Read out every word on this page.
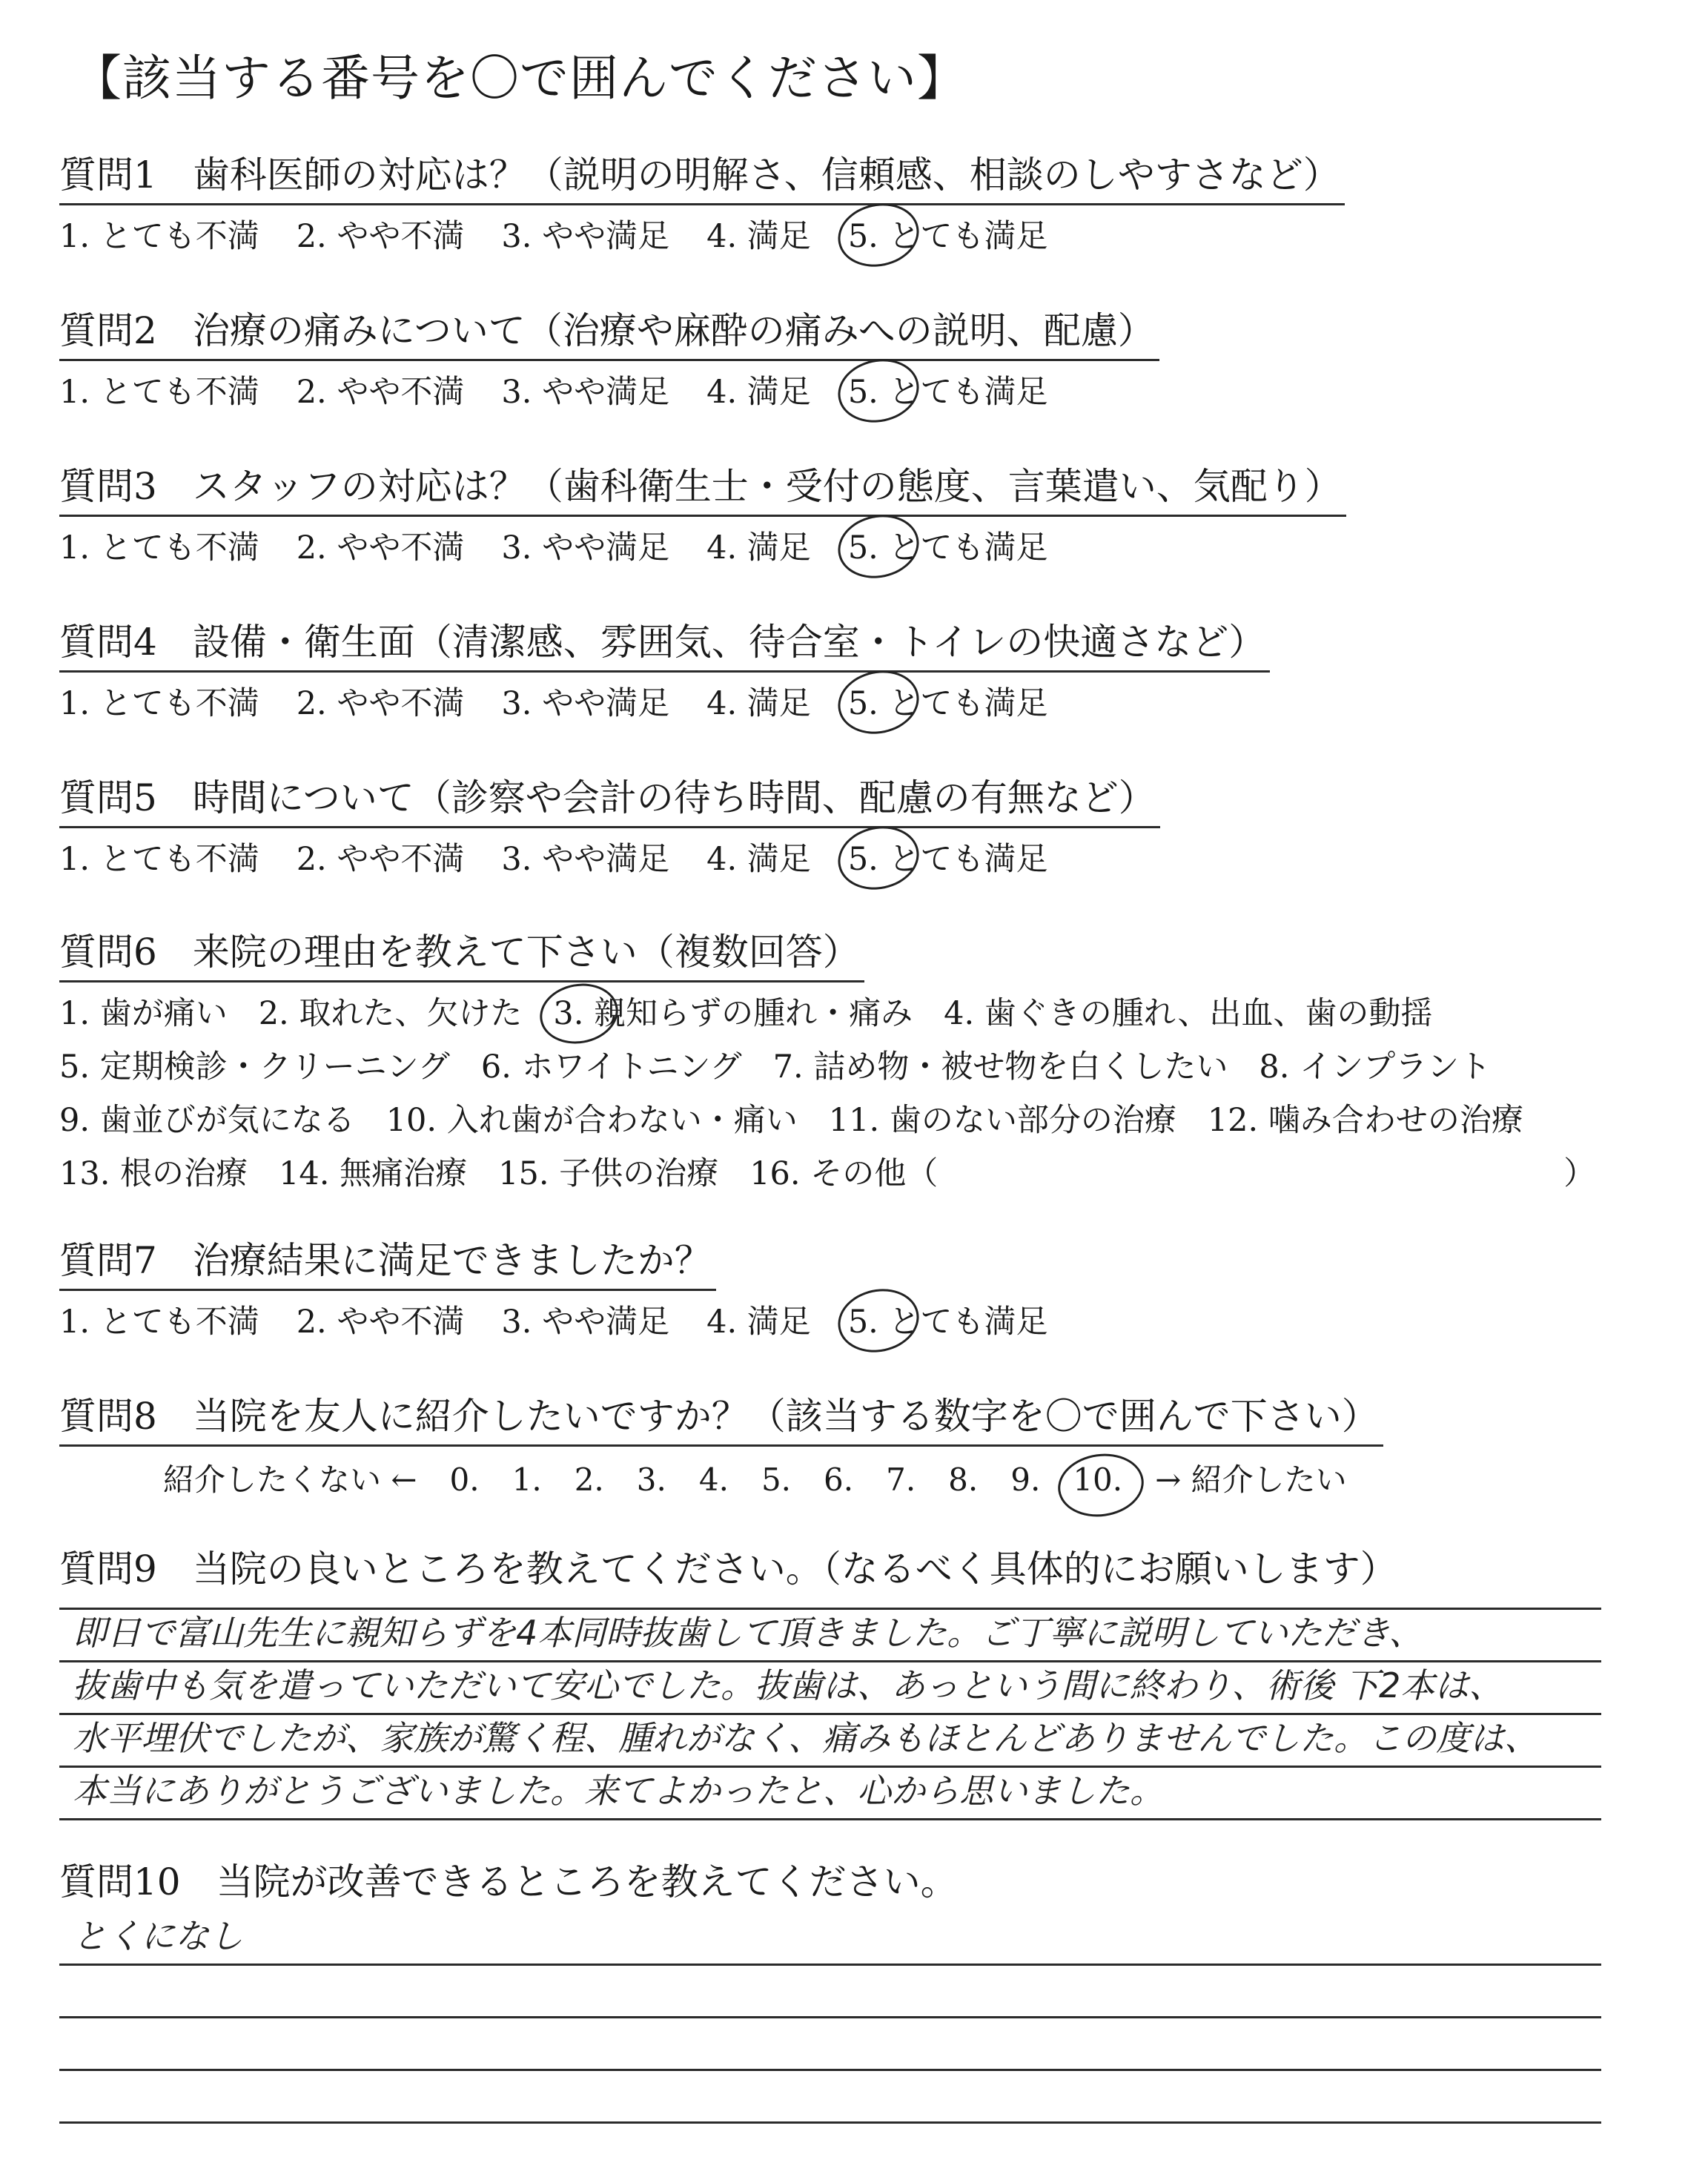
【該当する番号を〇で囲んでください】
質問1 歯科医師の対応は？（説明の明解さ、信頼感、相談のしやすさなど）
1. とても不満 2. やや不満 3. やや満足 4. 満足 5. とても満足
質問2 治療の痛みについて（治療や麻酔の痛みへの説明、配慮）
1. とても不満 2. やや不満 3. やや満足 4. 満足 5. とても満足
質問3 スタッフの対応は？（歯科衛生士・受付の態度、言葉遣い、気配り）
1. とても不満 2. やや不満 3. やや満足 4. 満足 5. とても満足
質問4 設備・衛生面（清潔感、雰囲気、待合室・トイレの快適さなど）
1. とても不満 2. やや不満 3. やや満足 4. 満足 5. とても満足
質問5 時間について（診察や会計の待ち時間、配慮の有無など）
1. とても不満 2. やや不満 3. やや満足 4. 満足 5. とても満足
質問6 来院の理由を教えて下さい（複数回答）
1. 歯が痛い 2. 取れた、欠けた 3. 親知らずの腫れ・痛み 4. 歯ぐきの腫れ、出血、歯の動揺
5. 定期検診・クリーニング 6. ホワイトニング 7. 詰め物・被せ物を白くしたい 8. インプラント
9. 歯並びが気になる 10. 入れ歯が合わない・痛い 11. 歯のない部分の治療 12. 噛み合わせの治療
13. 根の治療 14. 無痛治療 15. 子供の治療 16. その他（	）
質問7 治療結果に満足できましたか？
1. とても不満 2. やや不満 3. やや満足 4. 満足 5. とても満足
質問8 当院を友人に紹介したいですか？（該当する数字を〇で囲んで下さい）
紹介したくない ← 0. 1. 2. 3. 4. 5. 6. 7. 8. 9. 10. → 紹介したい
質問9 当院の良いところを教えてください。（なるべく具体的にお願いします）
即日で富山先生に親知らずを4本同時抜歯して頂きました。ご丁寧に説明していただき、
抜歯中も気を遣っていただいて安心でした。抜歯は、あっという間に終わり、術後 下2本は、
水平埋伏でしたが、家族が驚く程、腫れがなく、痛みもほとんどありませんでした。この度は、
本当にありがとうございました。来てよかったと、心から思いました。
質問10 当院が改善できるところを教えてください。
とくになし
